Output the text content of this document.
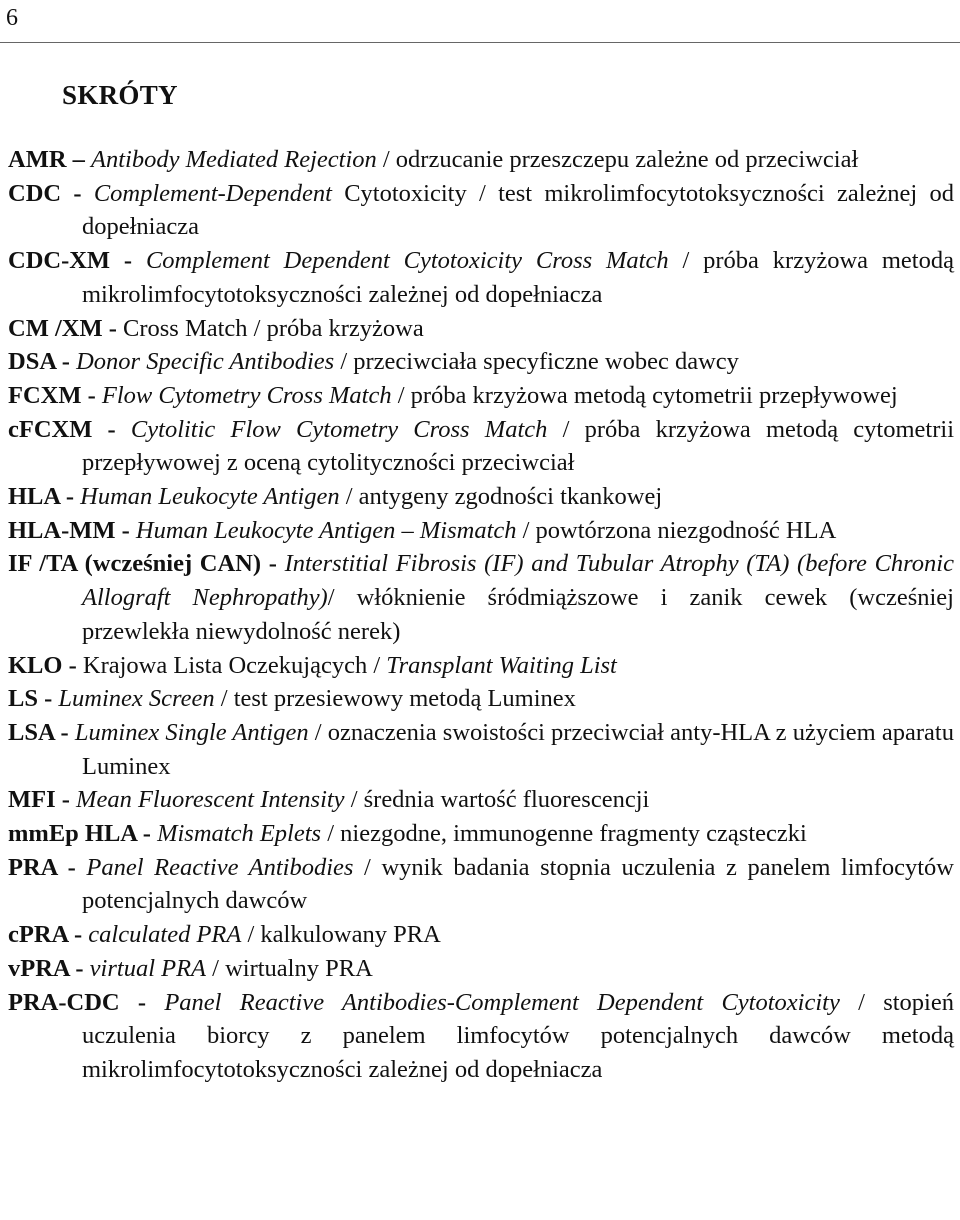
6
SKRÓTY

AMR – Antibody Mediated Rejection / odrzucanie przeszczepu zależne od przeciwciał

CDC - Complement-Dependent Cytotoxicity / test mikrolimfocytotoksyczności zależnej od dopełniacza

CDC-XM - Complement Dependent Cytotoxicity Cross Match / próba krzyżowa metodą mikrolimfocytotoksyczności zależnej od dopełniacza

CM /XM - Cross Match / próba krzyżowa

DSA - Donor Specific Antibodies / przeciwciała specyficzne wobec dawcy

FCXM - Flow Cytometry Cross Match / próba krzyżowa metodą cytometrii przepływowej

cFCXM - Cytolitic Flow Cytometry Cross Match / próba krzyżowa metodą cytometrii przepływowej z oceną cytolityczności przeciwciał

HLA - Human Leukocyte Antigen / antygeny zgodności tkankowej

HLA-MM - Human Leukocyte Antigen – Mismatch / powtórzona niezgodność HLA

IF /TA (wcześniej CAN) - Interstitial Fibrosis (IF) and Tubular Atrophy (TA) (before Chronic Allograft Nephropathy)/ włóknienie śródmiąższowe i zanik cewek (wcześniej przewlekła niewydolność nerek)

KLO - Krajowa Lista Oczekujących / Transplant Waiting List

LS - Luminex Screen / test przesiewowy metodą Luminex

LSA - Luminex Single Antigen / oznaczenia swoistości przeciwciał anty-HLA z użyciem aparatu Luminex

MFI - Mean Fluorescent Intensity / średnia wartość fluorescencji

mmEp HLA - Mismatch Eplets / niezgodne, immunogenne fragmenty cząsteczki

PRA - Panel Reactive Antibodies / wynik badania stopnia uczulenia z panelem limfocytów potencjalnych dawców

cPRA - calculated PRA / kalkulowany PRA

vPRA - virtual PRA / wirtualny PRA

PRA-CDC - Panel Reactive Antibodies-Complement Dependent Cytotoxicity / stopień uczulenia biorcy z panelem limfocytów potencjalnych dawców metodą mikrolimfocytotoksyczności zależnej od dopełniacza
